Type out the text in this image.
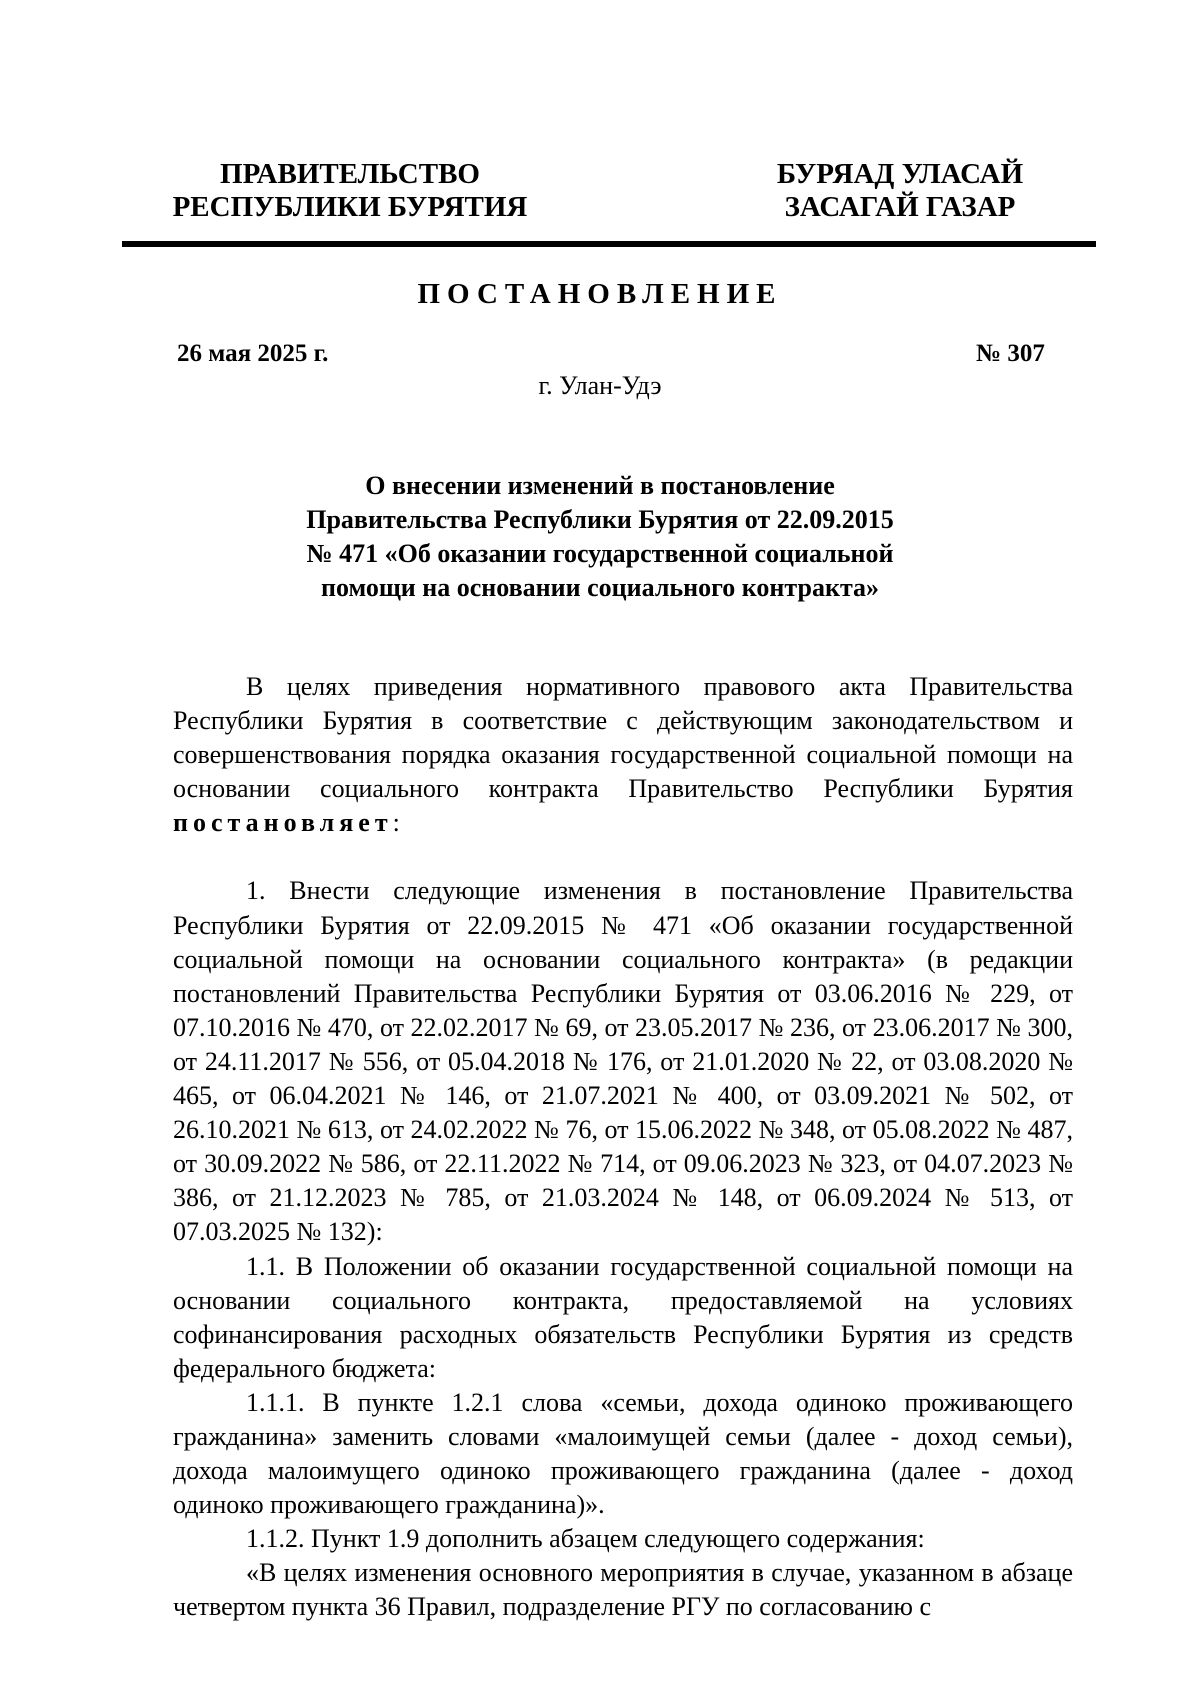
ПРАВИТЕЛЬСТВО
РЕСПУБЛИКИ БУРЯТИЯ
БУРЯАД УЛАСАЙ
ЗАСАГАЙ ГАЗАР
ПОСТАНОВЛЕНИЕ
26 мая 2025 г.	№ 307
г. Улан-Удэ
О внесении изменений в постановление
Правительства Республики Бурятия от 22.09.2015
№ 471 «Об оказании государственной социальной
помощи на основании социального контракта»

В целях приведения нормативного правового акта Правительства Республики Бурятия в соответствие с действующим законодательством и совершенствования порядка оказания государственной социальной помощи на основании социального контракта Правительство Республики Бурятия постановляет:

1. Внести следующие изменения в постановление Правительства Республики Бурятия от 22.09.2015 № 471 «Об оказании государственной социальной помощи на основании социального контракта» (в редакции постановлений Правительства Республики Бурятия от 03.06.2016 № 229, от 07.10.2016 № 470, от 22.02.2017 № 69, от 23.05.2017 № 236, от 23.06.2017 № 300, от 24.11.2017 № 556, от 05.04.2018 № 176, от 21.01.2020 № 22, от 03.08.2020 № 465, от 06.04.2021 № 146, от 21.07.2021 № 400, от 03.09.2021 № 502, от 26.10.2021 № 613, от 24.02.2022 № 76, от 15.06.2022 № 348, от 05.08.2022 № 487, от 30.09.2022 № 586, от 22.11.2022 № 714, от 09.06.2023 № 323, от 04.07.2023 № 386, от 21.12.2023 № 785, от 21.03.2024 № 148, от 06.09.2024 № 513, от 07.03.2025 № 132):

1.1. В Положении об оказании государственной социальной помощи на основании социального контракта, предоставляемой на условиях софинансирования расходных обязательств Республики Бурятия из средств федерального бюджета:

1.1.1. В пункте 1.2.1 слова «семьи, дохода одиноко проживающего гражданина» заменить словами «малоимущей семьи (далее - доход семьи), дохода малоимущего одиноко проживающего гражданина (далее - доход одиноко проживающего гражданина)».

1.1.2. Пункт 1.9 дополнить абзацем следующего содержания:

«В целях изменения основного мероприятия в случае, указанном в абзаце четвертом пункта 36 Правил, подразделение РГУ по согласованию с
